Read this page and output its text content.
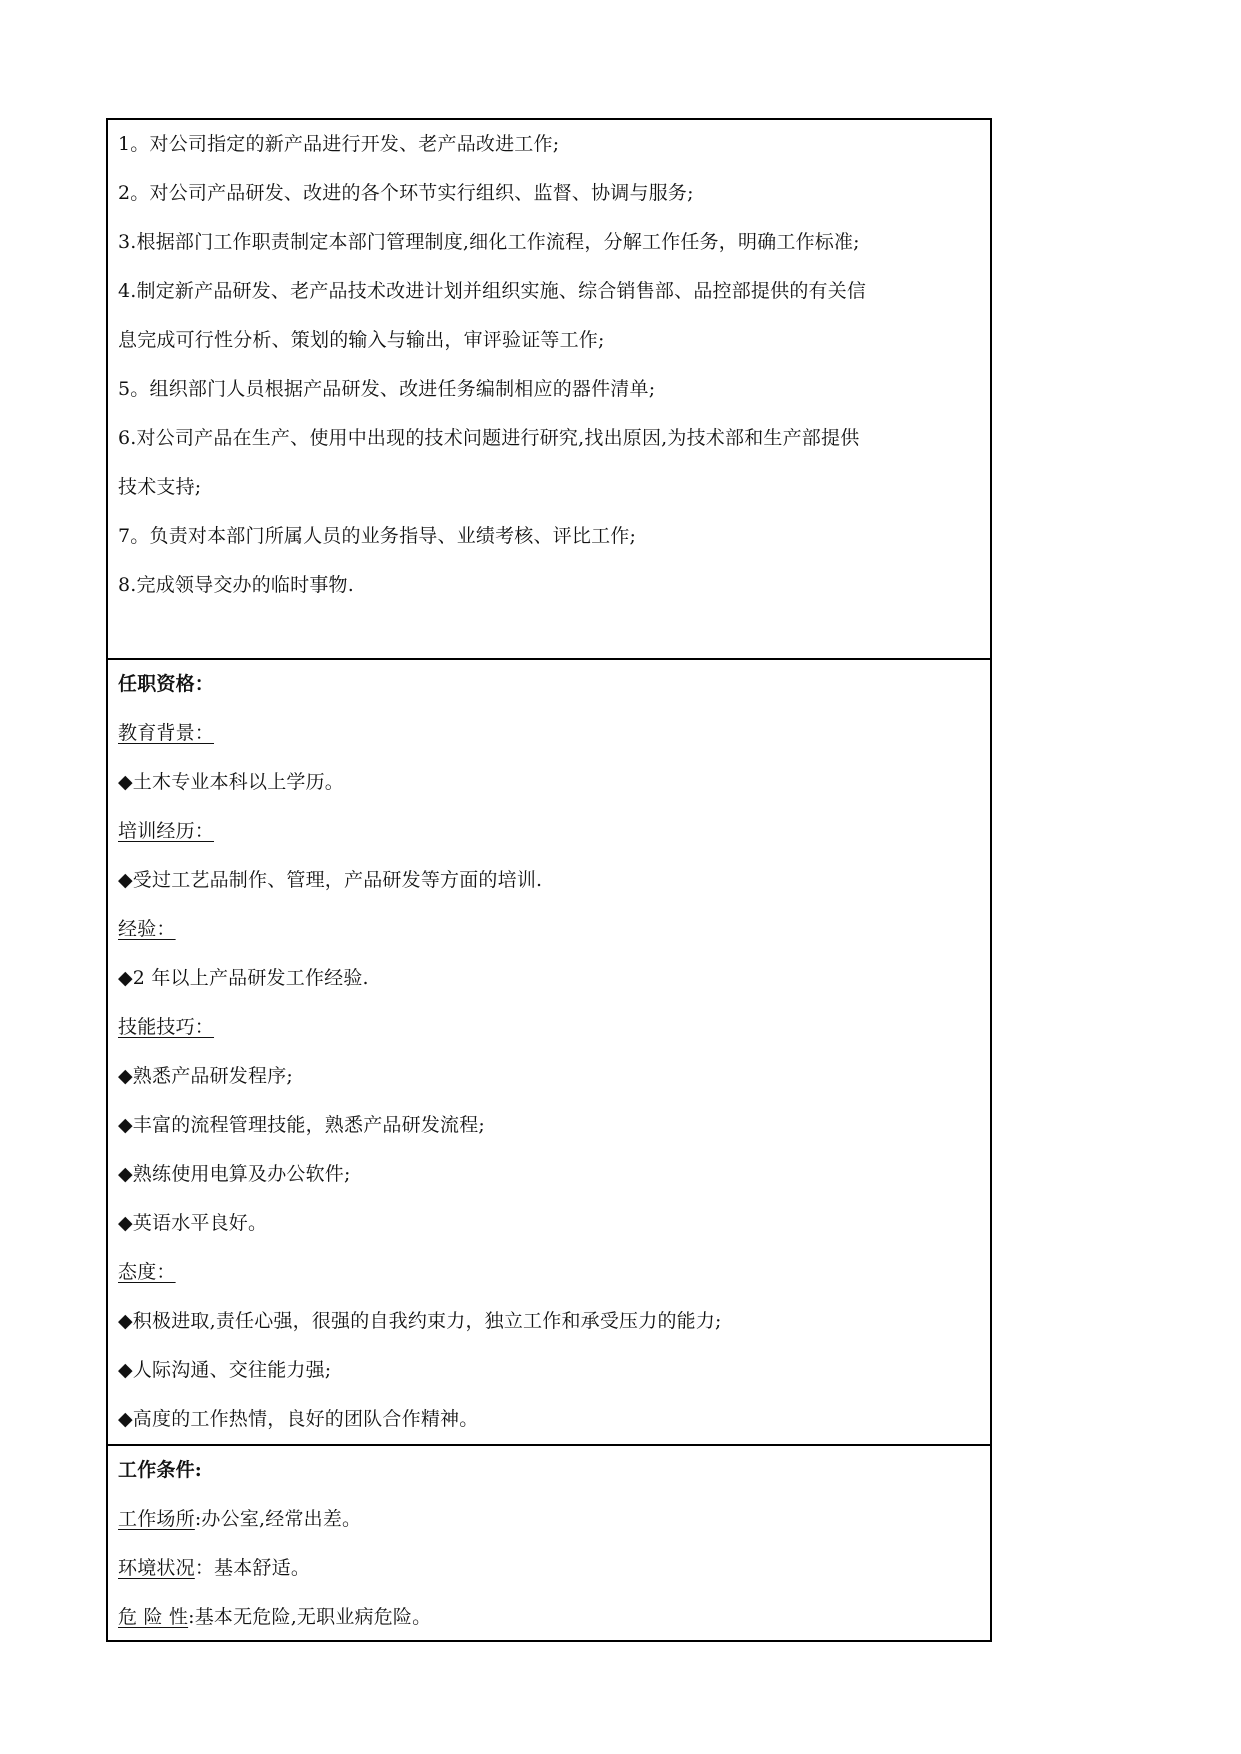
1。对公司指定的新产品进行开发、老产品改进工作;
2。对公司产品研发、改进的各个环节实行组织、监督、协调与服务;
3.根据部门工作职责制定本部门管理制度,细化工作流程，分解工作任务，明确工作标准;
4.制定新产品研发、老产品技术改进计划并组织实施、综合销售部、品控部提供的有关信
息完成可行性分析、策划的输入与输出，审评验证等工作;
5。组织部门人员根据产品研发、改进任务编制相应的器件清单;
6.对公司产品在生产、使用中出现的技术问题进行研究,找出原因,为技术部和生产部提供
技术支持;
7。负责对本部门所属人员的业务指导、业绩考核、评比工作;
8.完成领导交办的临时事物.
任职资格：
教育背景：
◆土木专业本科以上学历。
培训经历：
◆受过工艺品制作、管理，产品研发等方面的培训.
经验：
◆2 年以上产品研发工作经验.
技能技巧：
◆熟悉产品研发程序;
◆丰富的流程管理技能，熟悉产品研发流程;
◆熟练使用电算及办公软件;
◆英语水平良好。
态度：
◆积极进取,责任心强，很强的自我约束力，独立工作和承受压力的能力;
◆人际沟通、交往能力强;
◆高度的工作热情，良好的团队合作精神。
工作条件:
工作场所:办公室,经常出差。
环境状况：基本舒适。
危 险 性:基本无危险,无职业病危险。
